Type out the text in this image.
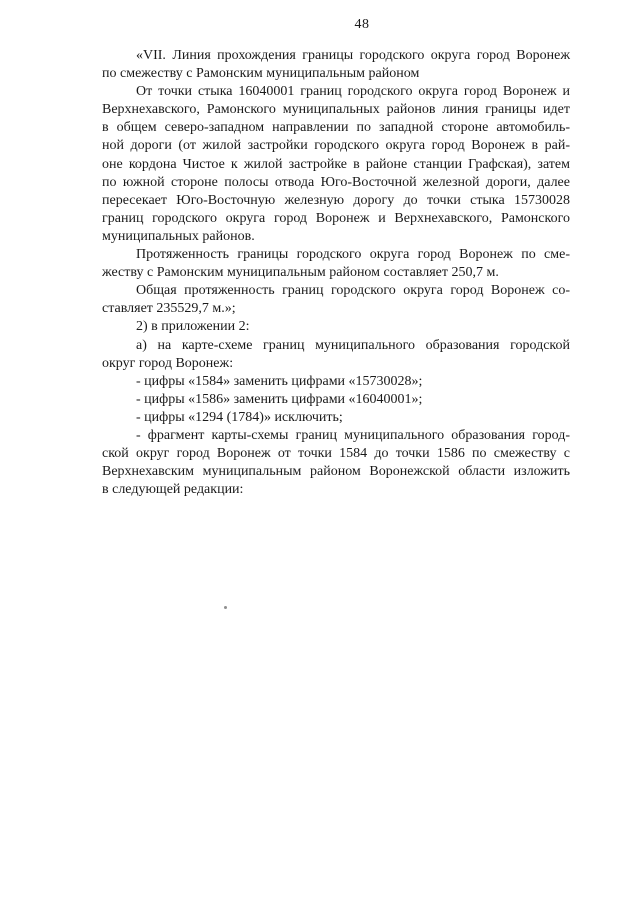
48
«VII. Линия прохождения границы городского округа город Воронеж
по смежеству с Рамонским муниципальным районом
От точки стыка 16040001 границ городского округа город Воронеж и
Верхнехавского, Рамонского муниципальных районов линия границы идет
в общем северо-западном направлении по западной стороне автомобиль-
ной дороги (от жилой застройки городского округа город Воронеж в рай-
оне кордона Чистое к жилой застройке в районе станции Графская), затем
по южной стороне полосы отвода Юго-Восточной железной дороги, далее
пересекает Юго-Восточную железную дорогу до точки стыка 15730028
границ городского округа город Воронеж и Верхнехавского, Рамонского
муниципальных районов.
Протяженность границы городского округа город Воронеж по сме-
жеству с Рамонским муниципальным районом составляет 250,7 м.
Общая протяженность границ городского округа город Воронеж со-
ставляет 235529,7 м.»;
2) в приложении 2:
а) на карте-схеме границ муниципального образования городской
округ город Воронеж:
- цифры «1584» заменить цифрами «15730028»;
- цифры «1586» заменить цифрами «16040001»;
- цифры «1294 (1784)» исключить;
- фрагмент карты-схемы границ муниципального образования город-
ской округ город Воронеж от точки 1584 до точки 1586 по смежеству с
Верхнехавским муниципальным районом Воронежской области изложить
в следующей редакции:
